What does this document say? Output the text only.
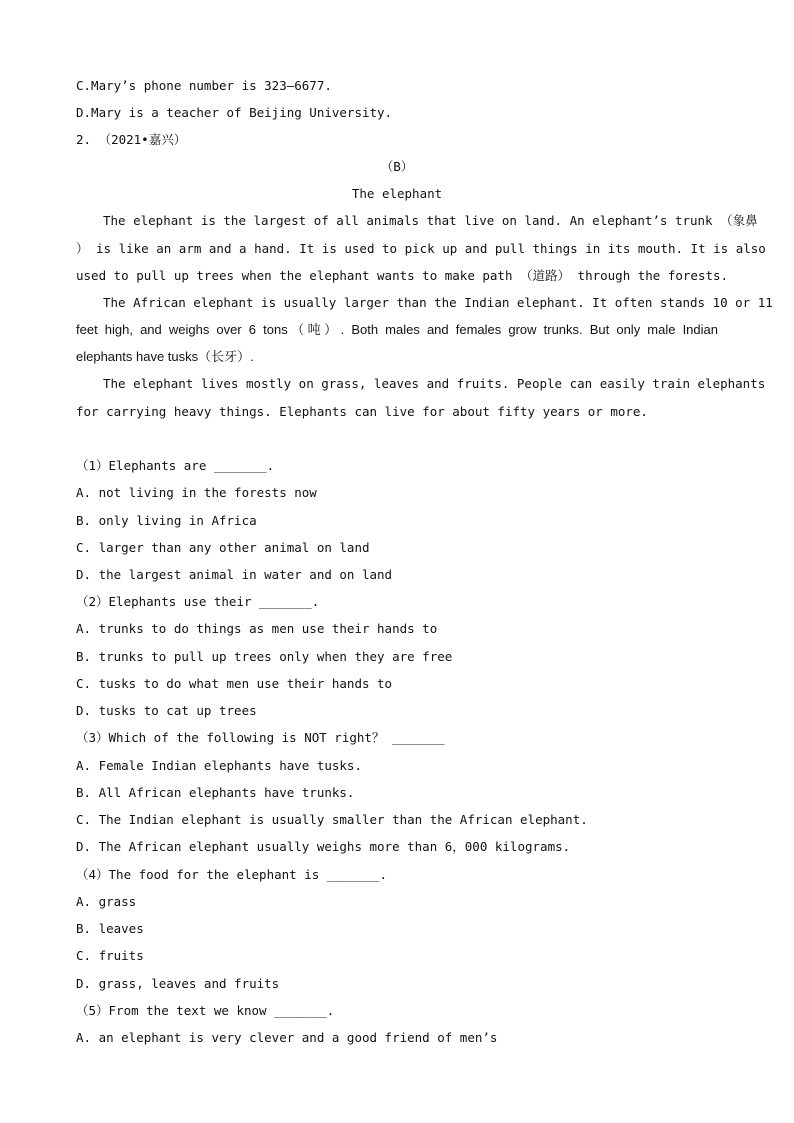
C.Mary’s phone number is 323–6677.
D.Mary is a teacher of Beijing University.
2. （2021•嘉兴）
（B）
The elephant
The elephant is the largest of all animals that live on land. An elephant’s trunk （象鼻
） is like an arm and a hand. It is used to pick up and pull things in its mouth. It is also
used to pull up trees when the elephant wants to make path （道路） through the forests.
The African elephant is usually larger than the Indian elephant. It often stands 10 or 11
feet high, and weighs over 6 tons（吨）. Both males and females grow trunks. But only male Indian
elephants have tusks（长牙）.
The elephant lives mostly on grass, leaves and fruits. People can easily train elephants
for carrying heavy things. Elephants can live for about fifty years or more.
（1）Elephants are _______.
A. not living in the forests now
B. only living in Africa
C. larger than any other animal on land
D. the largest animal in water and on land
（2）Elephants use their _______.
A. trunks to do things as men use their hands to
B. trunks to pull up trees only when they are free
C. tusks to do what men use their hands to
D. tusks to cat up trees
（3）Which of the following is NOT right？ _______
A. Female Indian elephants have tusks.
B. All African elephants have trunks.
C. The Indian elephant is usually smaller than the African elephant.
D. The African elephant usually weighs more than 6，000 kilograms.
（4）The food for the elephant is _______.
A. grass
B. leaves
C. fruits
D. grass, leaves and fruits
（5）From the text we know _______.
A. an elephant is very clever and a good friend of men’s
